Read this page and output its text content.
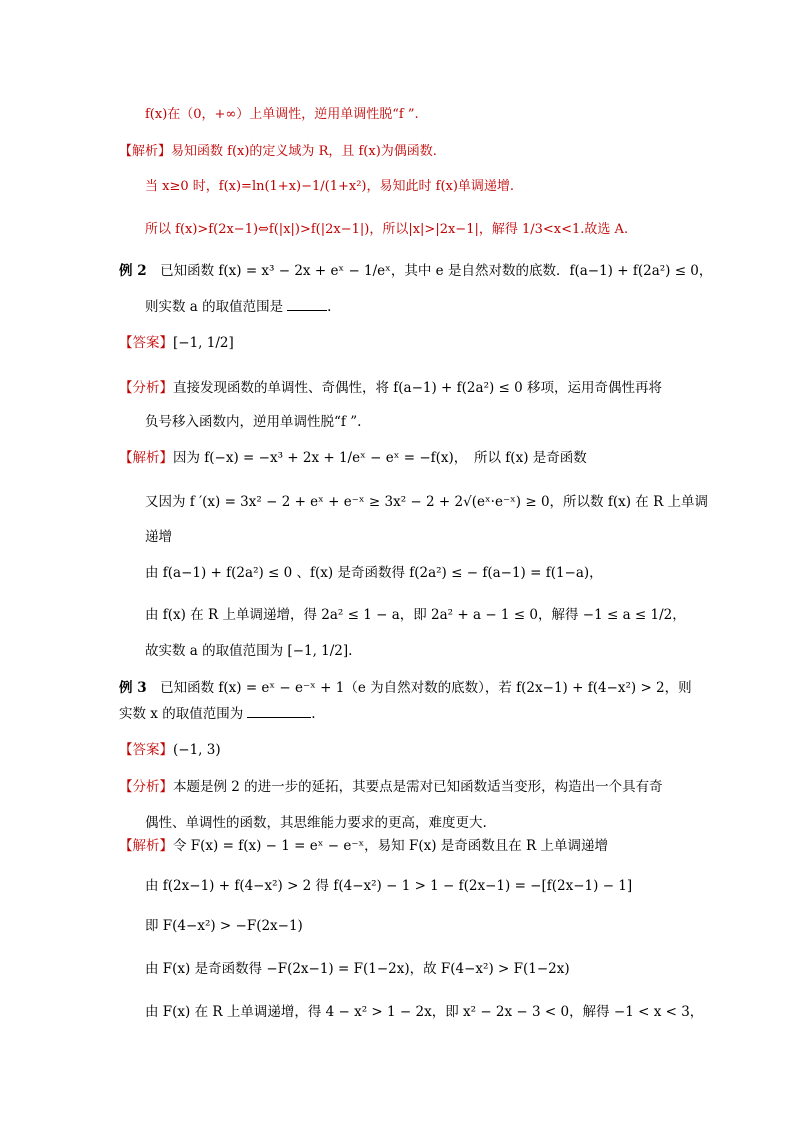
f(x)在（0，+∞）上单调性，逆用单调性脱“f ”.
【解析】易知函数 f(x)的定义域为 R，且 f(x)为偶函数.
当 x≥0 时，f(x)=ln(1+x)−1/(1+x²)，易知此时 f(x)单调递增.
所以 f(x)>f(2x−1)⇔f(|x|)>f(|2x−1|)，所以|x|>|2x−1|，解得 1/3<x<1.故选 A.
例 2　已知函数 f(x) = x³ − 2x + eˣ − 1/eˣ，其中 e 是自然对数的底数．f(a−1) + f(2a²) ≤ 0，
则实数 a 的取值范围是	.
【答案】[−1, 1/2]
【分析】直接发现函数的单调性、奇偶性，将 f(a−1) + f(2a²) ≤ 0 移项，运用奇偶性再将
负号移入函数内，逆用单调性脱“f ”.
【解析】因为 f(−x) = −x³ + 2x + 1/eˣ − eˣ = −f(x)，　所以 f(x) 是奇函数
又因为 f ′(x) = 3x² − 2 + eˣ + e⁻ˣ ≥ 3x² − 2 + 2√(eˣ·e⁻ˣ) ≥ 0，所以数 f(x) 在 R 上单调
递增
由 f(a−1) + f(2a²) ≤ 0 、f(x) 是奇函数得 f(2a²) ≤ − f(a−1) = f(1−a)，
由 f(x) 在 R 上单调递增，得 2a² ≤ 1 − a，即 2a² + a − 1 ≤ 0，解得 −1 ≤ a ≤ 1/2，
故实数 a 的取值范围为 [−1, 1/2].
例 3　已知函数 f(x) = eˣ − e⁻ˣ + 1（e 为自然对数的底数），若 f(2x−1) + f(4−x²) > 2，则
实数 x 的取值范围为	.
【答案】(−1, 3)
【分析】本题是例 2 的进一步的延拓，其要点是需对已知函数适当变形，构造出一个具有奇
偶性、单调性的函数，其思维能力要求的更高，难度更大.
【解析】令 F(x) = f(x) − 1 = eˣ − e⁻ˣ，易知 F(x) 是奇函数且在 R 上单调递增
由 f(2x−1) + f(4−x²) > 2 得 f(4−x²) − 1 > 1 − f(2x−1) = −[f(2x−1) − 1]
即 F(4−x²) > −F(2x−1)
由 F(x) 是奇函数得 −F(2x−1) = F(1−2x)，故 F(4−x²) > F(1−2x)
由 F(x) 在 R 上单调递增，得 4 − x² > 1 − 2x，即 x² − 2x − 3 < 0，解得 −1 < x < 3，
